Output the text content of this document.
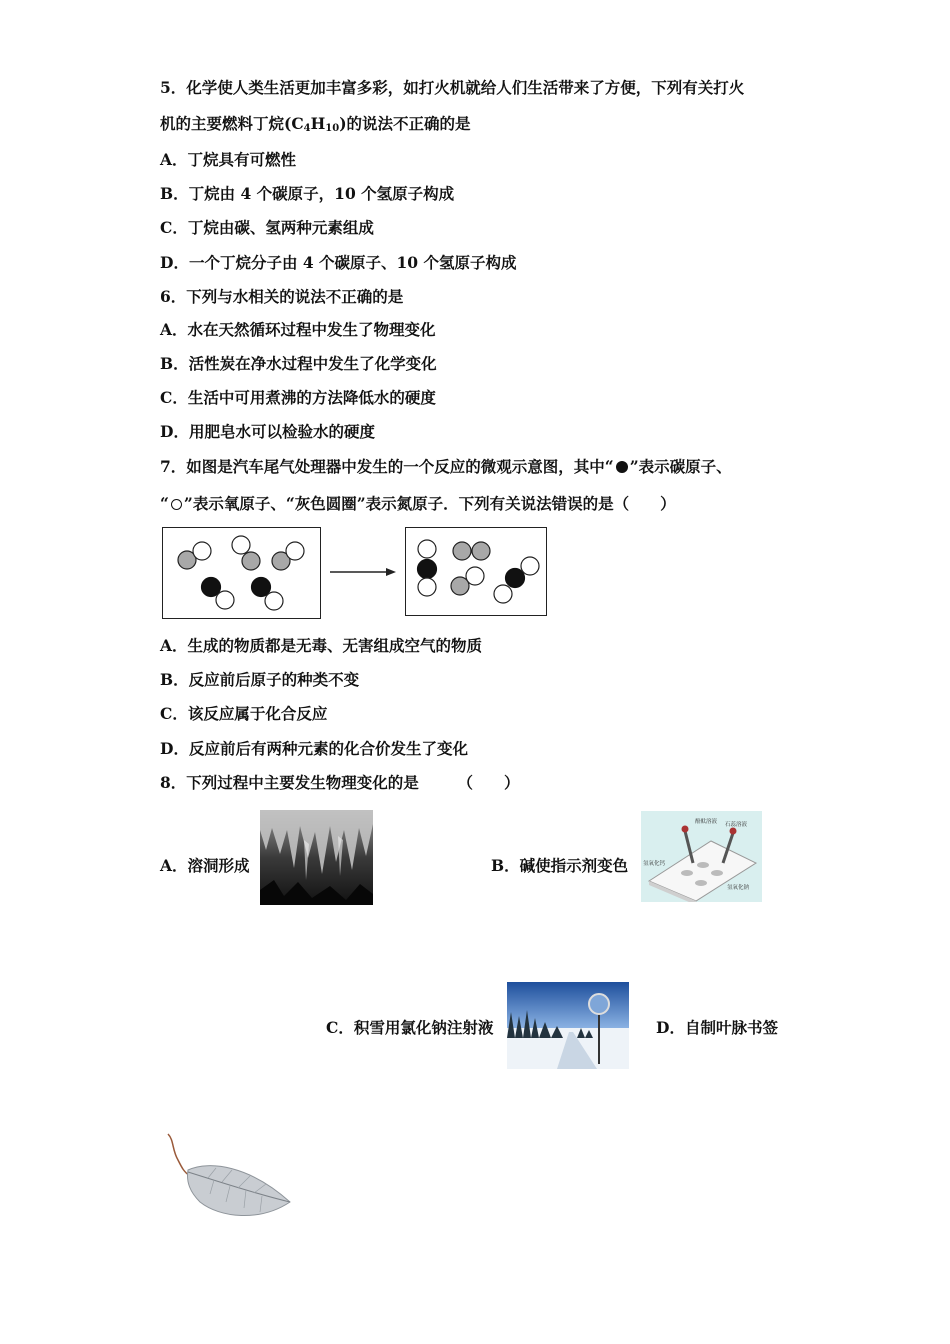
5．化学使人类生活更加丰富多彩，如打火机就给人们生活带来了方便，下列有关打火
机的主要燃料丁烷$(C_4H_{10})$的说法不正确的是
A．丁烷具有可燃性
B．丁烷由 4 个碳原子，10 个氢原子构成
C．丁烷由碳、氢两种元素组成
D．一个丁烷分子由 4 个碳原子、10 个氢原子构成
6．下列与水相关的说法不正确的是
A．水在天然循环过程中发生了物理变化
B．活性炭在净水过程中发生了化学变化
C．生活中可用煮沸的方法降低水的硬度
D．用肥皂水可以检验水的硬度
7．如图是汽车尾气处理器中发生的一个反应的微观示意图，其中“ ”表示碳原子、
“ ”表示氧原子、“灰色圆圈”表示氮原子．下列有关说法错误的是（　　）
A．生成的物质都是无毒、无害组成空气的物质
B．反应前后原子的种类不变
C．该反应属于化合反应
D．反应前后有两种元素的化合价发生了变化
8．下列过程中主要发生物理变化的是　　　（　　）
A．溶洞形成	B．碱使指示剂变色
酚酞溶液 石蕊溶液
氢氧化钙
氢氧化钠
C．积雪用氯化钠注射液	D．自制叶脉书签
